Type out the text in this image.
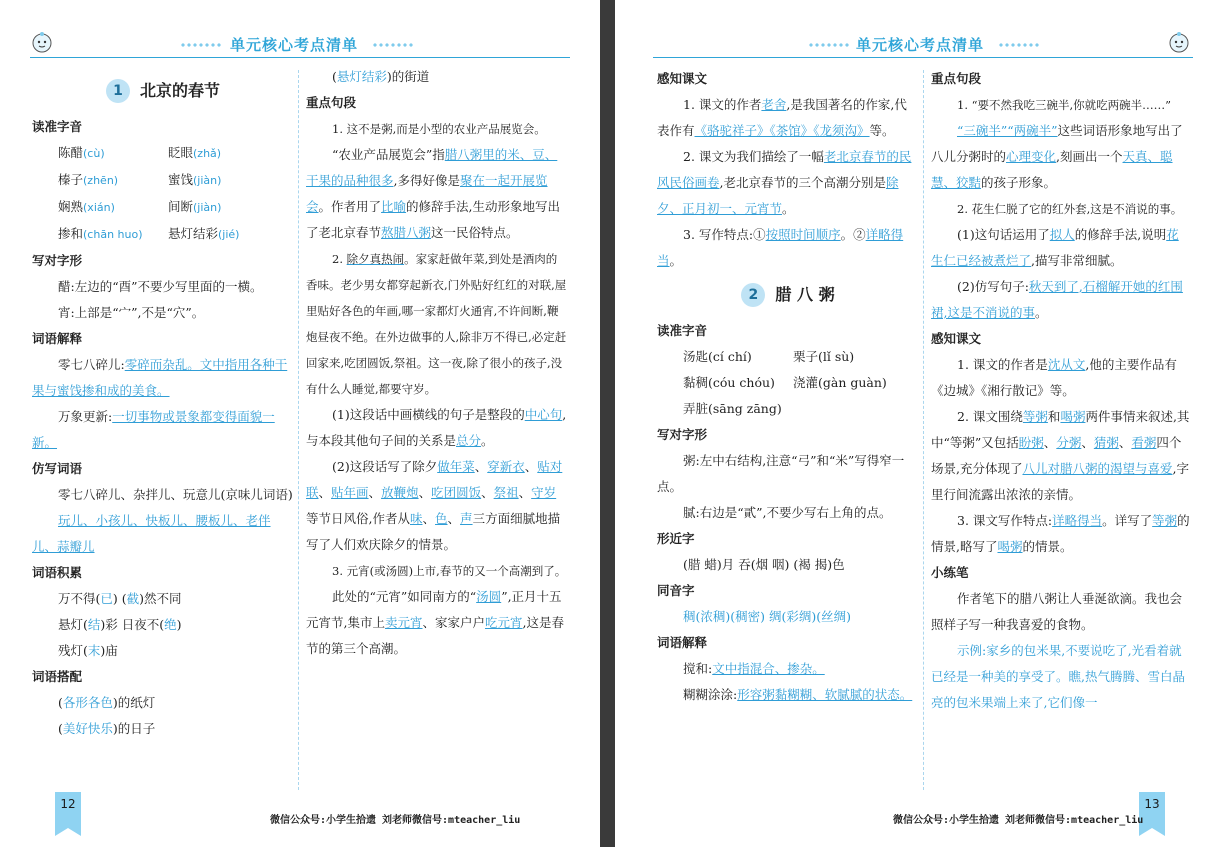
单元核心考点清单
1	北京的春节

读准字音

陈醋(cù)	眨眼(zhǎ)
榛子(zhēn)	蜜饯(jiàn)
娴熟(xián)	间断(jiàn)
掺和(chān huo)	悬灯结彩(jié)

写对字形

醋:左边的“酉”不要少写里面的一横。

宵:上部是“宀”,不是“穴”。

词语解释

零七八碎儿:零碎而杂乱。文中指用各种干果与蜜饯掺和成的美食。

万象更新:一切事物或景象都变得面貌一新。

仿写词语

零七八碎儿、杂拌儿、玩意儿(京味儿词语)

玩儿、小孩儿、快板儿、腰板儿、老伴儿、蒜瓣儿

词语积累

万不得(已) (截)然不同

悬灯(结)彩 日夜不(绝)

残灯(末)庙

词语搭配

(各形各色)的纸灯

(美好快乐)的日子

(悬灯结彩)的街道

重点句段

1. 这不是粥,而是小型的农业产品展览会。

“农业产品展览会”指腊八粥里的米、豆、干果的品种很多,多得好像是聚在一起开展览会。作者用了比喻的修辞手法,生动形象地写出了老北京春节熬腊八粥这一民俗特点。

2. 除夕真热闹。家家赶做年菜,到处是酒肉的香味。老少男女都穿起新衣,门外贴好红红的对联,屋里贴好各色的年画,哪一家都灯火通宵,不许间断,鞭炮昼夜不绝。在外边做事的人,除非万不得已,必定赶回家来,吃团圆饭,祭祖。这一夜,除了很小的孩子,没有什么人睡觉,都要守岁。

(1)这段话中画横线的句子是整段的中心句,与本段其他句子间的关系是总分。

(2)这段话写了除夕做年菜、穿新衣、贴对联、贴年画、放鞭炮、吃团圆饭、祭祖、守岁等节日风俗,作者从味、色、声三方面细腻地描写了人们欢庆除夕的情景。

3. 元宵(或汤圆)上市,春节的又一个高潮到了。

此处的“元宵”如同南方的“汤圆”,正月十五元宵节,集市上卖元宵、家家户户吃元宵,这是春节的第三个高潮。

12
微信公众号:小学生拾遗 刘老师微信号:mteacher_liu
单元核心考点清单

感知课文

1. 课文的作者老舍,是我国著名的作家,代表作有《骆驼祥子》《茶馆》《龙须沟》等。

2. 课文为我们描绘了一幅老北京春节的民风民俗画卷,老北京春节的三个高潮分别是除夕、正月初一、元宵节。

3. 写作特点:①按照时间顺序。②详略得当。

2	腊 八 粥

读准字音

汤匙(cí chí)	栗子(lǐ sù)
黏稠(cóu chóu)	浇灌(gàn guàn)
弄脏(sāng zāng)

写对字形

粥:左中右结构,注意“弓”和“米”写得窄一点。

腻:右边是“貳”,不要少写右上角的点。

形近字

(腊 蜡)月 吞(烟 咽) (褐 揭)色

同音字

稠(浓稠)(稠密) 绸(彩绸)(丝绸)

词语解释

搅和:文中指混合、掺杂。

糊糊涂涂:形容粥黏糊糊、软腻腻的状态。

重点句段

1. “要不然我吃三碗半,你就吃两碗半……”

“三碗半”“两碗半”这些词语形象地写出了八儿分粥时的心理变化,刻画出一个天真、聪慧、狡黠的孩子形象。

2. 花生仁脱了它的红外套,这是不消说的事。

(1)这句话运用了拟人的修辞手法,说明花生仁已经被煮烂了,描写非常细腻。

(2)仿写句子:秋天到了,石榴解开她的红围裙,这是不消说的事。

感知课文

1. 课文的作者是沈从文,他的主要作品有《边城》《湘行散记》等。

2. 课文围绕等粥和喝粥两件事情来叙述,其中“等粥”又包括盼粥、分粥、猜粥、看粥四个场景,充分体现了八儿对腊八粥的渴望与喜爱,字里行间流露出浓浓的亲情。

3. 课文写作特点:详略得当。详写了等粥的情景,略写了喝粥的情景。

小练笔

作者笔下的腊八粥让人垂涎欲滴。我也会照样子写一种我喜爱的食物。

示例:家乡的包米果,不要说吃了,光看着就已经是一种美的享受了。瞧,热气腾腾、雪白晶亮的包米果端上来了,它们像一

13
微信公众号:小学生拾遗 刘老师微信号:mteacher_liu
